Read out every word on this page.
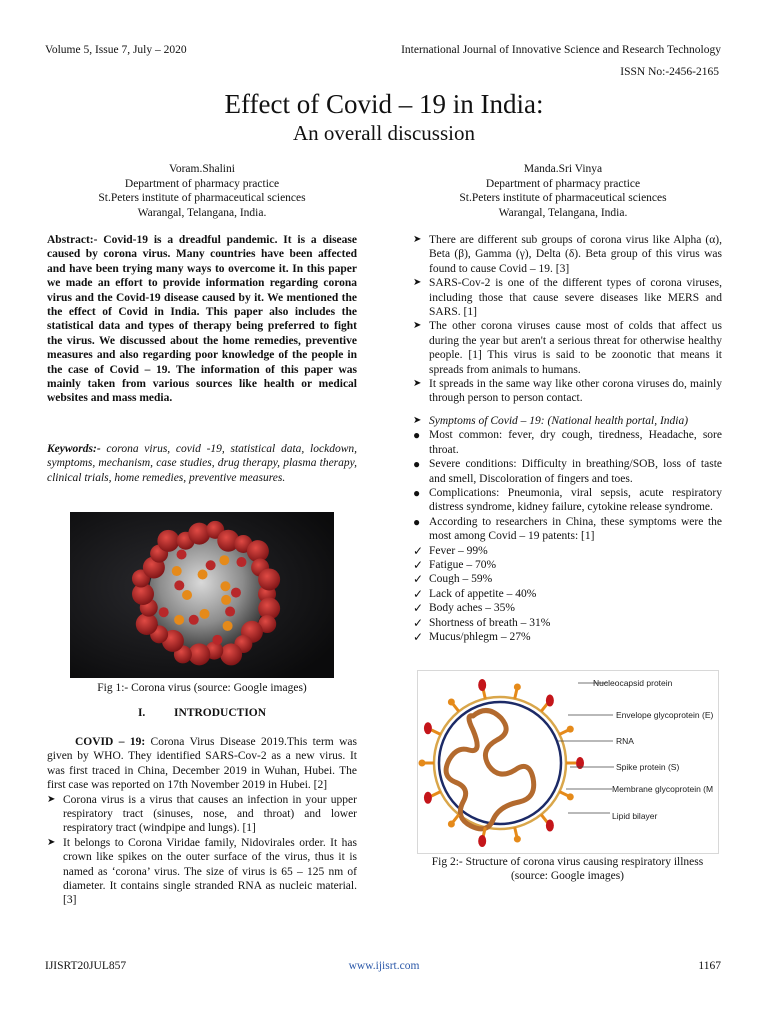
Volume 5, Issue 7, July – 2020	International Journal of Innovative Science and Research Technology
ISSN No:-2456-2165
Effect of Covid – 19 in India:
An overall discussion
Voram.Shalini
Department of pharmacy practice
St.Peters institute of pharmaceutical sciences
Warangal, Telangana, India.
Manda.Sri Vinya
Department of pharmacy practice
St.Peters institute of pharmaceutical sciences
Warangal, Telangana, India.
Abstract:- Covid-19 is a dreadful pandemic. It is a disease caused by corona virus. Many countries have been affected and have been trying many ways to overcome it. In this paper we made an effort to provide information regarding corona virus and the Covid-19 disease caused by it. We mentioned the the effect of Covid in India. This paper also includes the statistical data and types of therapy being preferred to fight the virus. We discussed about the home remedies, preventive measures and also regarding poor knowledge of the people in the case of Covid – 19. The information of this paper was mainly taken from various sources like health or medical websites and mass media.
Keywords:- corona virus, covid -19, statistical data, lockdown, symptoms, mechanism, case studies, drug therapy, plasma therapy, clinical trials, home remedies, preventive measures.
Fig 1:- Corona virus (source: Google images)
I.          INTRODUCTION
COVID – 19: Corona Virus Disease 2019.This term was given by WHO. They identified SARS-Cov-2 as a new virus. It was first traced in China, December 2019 in Wuhan, Hubei. The first case was reported on 17th November 2019 in Hubei. [2]
➤ Corona virus is a virus that causes an infection in your upper respiratory tract (sinuses, nose, and throat) and lower respiratory tract (windpipe and lungs). [1]
➤ It belongs to Corona Viridae family, Nidovirales order. It has crown like spikes on the outer surface of the virus, thus it is named as ‘corona’ virus. The size of virus is 65 – 125 nm of diameter. It contains single stranded RNA as nucleic material. [3]
➤ There are different sub groups of corona virus like Alpha (α), Beta (β), Gamma (γ), Delta (δ). Beta group of this virus was found to cause Covid – 19. [3]
➤ SARS-Cov-2 is one of the different types of corona viruses, including those that cause severe diseases like MERS and SARS. [1]
➤ The other corona viruses cause most of colds that affect us during the year but aren't a serious threat for otherwise healthy people. [1] This virus is said to be zoonotic that means it spreads from animals to humans.
➤ It spreads in the same way like other corona viruses do, mainly through person to person contact.
➤ Symptoms of Covid – 19: (National health portal, India)
● Most common: fever, dry cough, tiredness, Headache, sore throat.
● Severe conditions: Difficulty in breathing/SOB, loss of taste and smell, Discoloration of fingers and toes.
● Complications: Pneumonia, viral sepsis, acute respiratory distress syndrome, kidney failure, cytokine release syndrome.
● According to researchers in China, these symptoms were the most among Covid – 19 patents: [1]
✓ Fever – 99%
✓ Fatigue – 70%
✓ Cough – 59%
✓ Lack of appetite – 40%
✓ Body aches – 35%
✓ Shortness of breath – 31%
✓ Mucus/phlegm – 27%
Nucleocapsid protein
Envelope glycoprotein (E)
RNA
Spike protein (S)
Membrane glycoprotein (M
Lipid bilayer
Fig 2:- Structure of corona virus causing respiratory illness
(source: Google images)
IJISRT20JUL857	www.ijisrt.com	1167
